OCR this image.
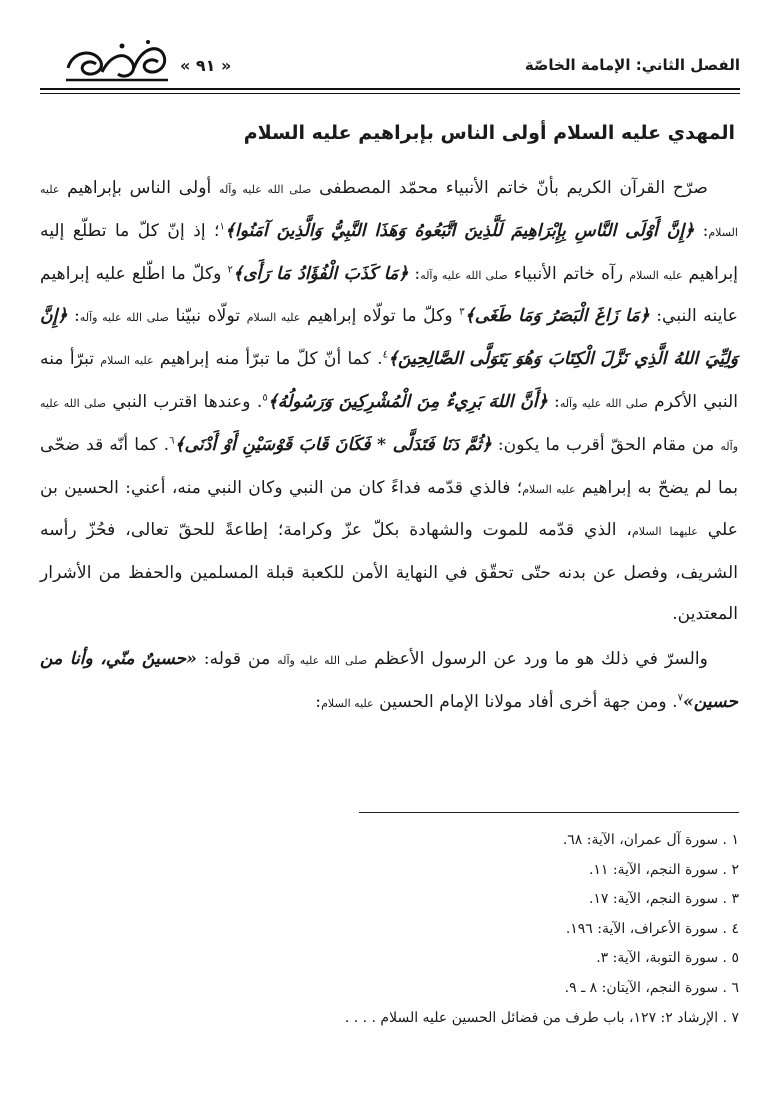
« ٩١ »	الفصل الثاني: الإمامة الخاصّة
المهدي عليه السلام أولى الناس بإبراهيم عليه السلام

صرّح القرآن الكريم بأنّ خاتم الأنبياء محمّد المصطفى صلى الله عليه وآله أولى الناس بإبراهيم عليه السلام: ﴿إِنَّ أَوْلَى النَّاسِ بِإِبْرَاهِيمَ لَلَّذِينَ اتَّبَعُوهُ وَهَذَا النَّبِيُّ وَالَّذِينَ آمَنُوا﴾$^١$؛ إذ إنّ كلّ ما تطلّع إليه إبراهيم عليه السلام رآه خاتم الأنبياء صلى الله عليه وآله: ﴿مَا كَذَبَ الْفُؤَادُ مَا رَأَى﴾$^٢$ وكلّ ما اطّلع عليه إبراهيم عاينه النبي: ﴿مَا زَاغَ الْبَصَرُ وَمَا طَغَى﴾$^٣$ وكلّ ما تولّاه إبراهيم عليه السلام تولّاه نبيّنا صلى الله عليه وآله: ﴿إِنَّ وَلِيِّيَ اللهُ الَّذِي نَزَّلَ الْكِتَابَ وَهُوَ يَتَوَلَّى الصَّالِحِينَ﴾$^٤$. كما أنّ كلّ ما تبرّأ منه إبراهيم عليه السلام تبرّأ منه النبي الأكرم صلى الله عليه وآله: ﴿أَنَّ اللهَ بَرِيءٌ مِنَ الْمُشْرِكِينَ وَرَسُولُهُ﴾$^٥$. وعندها اقترب النبي صلى الله عليه وآله من مقام الحقّ أقرب ما يكون: ﴿ثُمَّ دَنَا فَتَدَلَّى * فَكَانَ قَابَ قَوْسَيْنِ أَوْ أَدْنَى﴾$^٦$. كما أنّه قد ضحّى بما لم يضحّ به إبراهيم عليه السلام؛ فالذي قدّمه فداءً كان من النبي وكان النبي منه، أعني: الحسين بن علي عليهما السلام، الذي قدّمه للموت والشهادة بكلّ عزّ وكرامة؛ إطاعةً للحقّ تعالى، فحُزّ رأسه الشريف، وفصل عن بدنه حتّى تحقّق في النهاية الأمن للكعبة قبلة المسلمين والحفظ من الأشرار المعتدين.

والسرّ في ذلك هو ما ورد عن الرسول الأعظم صلى الله عليه وآله من قوله: «حسينٌ منّي، وأنا من حسين»$^٧$. ومن جهة أخرى أفاد مولانا الإمام الحسين عليه السلام:

١ . سورة آل عمران، الآية: ٦٨.
٢ . سورة النجم، الآية: ١١.
٣ . سورة النجم، الآية: ١٧.
٤ . سورة الأعراف، الآية: ١٩٦.
٥ . سورة التوبة، الآية: ٣.
٦ . سورة النجم، الآيتان: ٨ ـ ٩.
٧ . الإرشاد ٢: ١٢٧، باب طرف من فضائل الحسين عليه السلام . . . .
